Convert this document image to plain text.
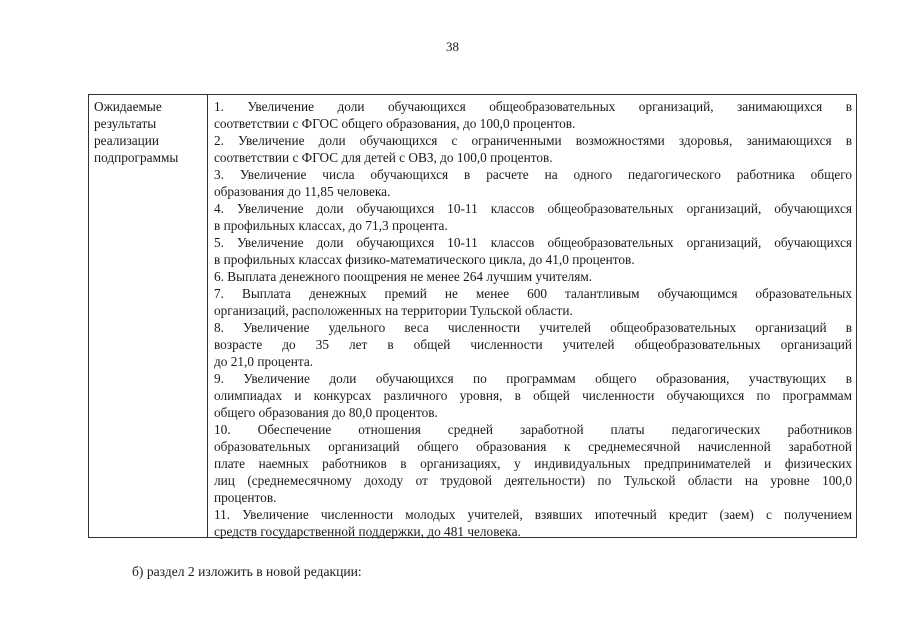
38
Ожидаемые
результаты
реализации
подпрограммы
1. Увеличение доли обучающихся общеобразовательных организаций, занимающихся в
соответствии с ФГОС общего образования, до 100,0 процентов.
2. Увеличение доли обучающихся с ограниченными возможностями здоровья, занимающихся в
соответствии с ФГОС для детей с ОВЗ, до 100,0 процентов.
3. Увеличение числа обучающихся в расчете на одного педагогического работника общего
образования до 11,85 человека.
4. Увеличение доли обучающихся 10-11 классов общеобразовательных организаций, обучающихся
в профильных классах, до 71,3 процента.
5. Увеличение доли обучающихся 10-11 классов общеобразовательных организаций, обучающихся
в профильных классах физико-математического цикла, до 41,0 процентов.
6. Выплата денежного поощрения не менее 264 лучшим учителям.
7. Выплата денежных премий не менее 600 талантливым обучающимся образовательных
организаций, расположенных на территории Тульской области.
8. Увеличение удельного веса численности учителей общеобразовательных организаций в
возрасте до 35 лет в общей численности учителей общеобразовательных организаций
до 21,0 процента.
9. Увеличение доли обучающихся по программам общего образования, участвующих в
олимпиадах и конкурсах различного уровня, в общей численности обучающихся по программам
общего образования до 80,0 процентов.
10. Обеспечение отношения средней заработной платы педагогических работников
образовательных организаций общего образования к среднемесячной начисленной заработной
плате наемных работников в организациях, у индивидуальных предпринимателей и физических
лиц (среднемесячному доходу от трудовой деятельности) по Тульской области на уровне 100,0
процентов.
11. Увеличение численности молодых учителей, взявших ипотечный кредит (заем) с получением
средств государственной поддержки, до 481 человека.
б) раздел 2 изложить в новой редакции:
